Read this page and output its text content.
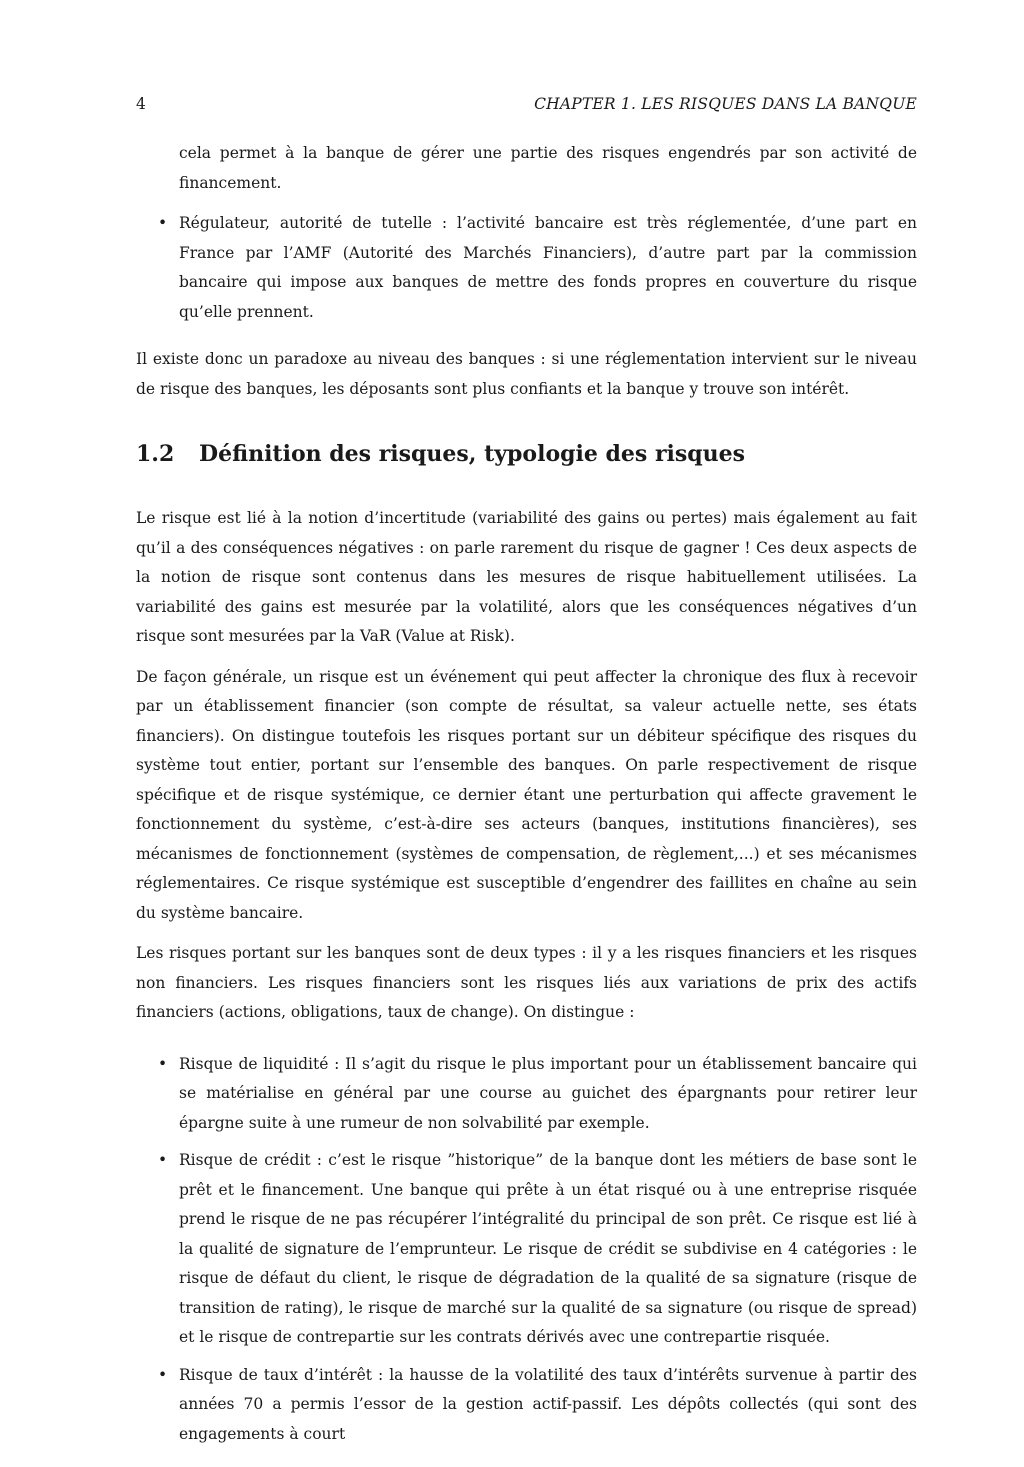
4	CHAPTER 1. LES RISQUES DANS LA BANQUE

cela permet à la banque de gérer une partie des risques engendrés par son activité de financement.

• Régulateur, autorité de tutelle : l’activité bancaire est très réglementée, d’une part en France par l’AMF (Autorité des Marchés Financiers), d’autre part par la commission bancaire qui impose aux banques de mettre des fonds propres en couverture du risque qu’elle prennent.

Il existe donc un paradoxe au niveau des banques : si une réglementation intervient sur le niveau de risque des banques, les déposants sont plus confiants et la banque y trouve son intérêt.

1.2 Définition des risques, typologie des risques

Le risque est lié à la notion d’incertitude (variabilité des gains ou pertes) mais également au fait qu’il a des conséquences négatives : on parle rarement du risque de gagner ! Ces deux aspects de la notion de risque sont contenus dans les mesures de risque habituellement utilisées. La variabilité des gains est mesurée par la volatilité, alors que les conséquences négatives d’un risque sont mesurées par la VaR (Value at Risk).

De façon générale, un risque est un événement qui peut affecter la chronique des flux à recevoir par un établissement financier (son compte de résultat, sa valeur actuelle nette, ses états financiers). On distingue toutefois les risques portant sur un débiteur spécifique des risques du système tout entier, portant sur l’ensemble des banques. On parle respectivement de risque spécifique et de risque systémique, ce dernier étant une perturbation qui affecte gravement le fonctionnement du système, c’est-à-dire ses acteurs (banques, institutions financières), ses mécanismes de fonctionnement (systèmes de compensation, de règlement,...) et ses mécanismes réglementaires. Ce risque systémique est susceptible d’engendrer des faillites en chaîne au sein du système bancaire.

Les risques portant sur les banques sont de deux types : il y a les risques financiers et les risques non financiers. Les risques financiers sont les risques liés aux variations de prix des actifs financiers (actions, obligations, taux de change). On distingue :

• Risque de liquidité : Il s’agit du risque le plus important pour un établissement bancaire qui se matérialise en général par une course au guichet des épargnants pour retirer leur épargne suite à une rumeur de non solvabilité par exemple.
• Risque de crédit : c’est le risque ”historique” de la banque dont les métiers de base sont le prêt et le financement. Une banque qui prête à un état risqué ou à une entreprise risquée prend le risque de ne pas récupérer l’intégralité du principal de son prêt. Ce risque est lié à la qualité de signature de l’emprunteur. Le risque de crédit se subdivise en 4 catégories : le risque de défaut du client, le risque de dégradation de la qualité de sa signature (risque de transition de rating), le risque de marché sur la qualité de sa signature (ou risque de spread) et le risque de contrepartie sur les contrats dérivés avec une contrepartie risquée.
• Risque de taux d’intérêt : la hausse de la volatilité des taux d’intérêts survenue à partir des années 70 a permis l’essor de la gestion actif-passif. Les dépôts collectés (qui sont des engagements à court
